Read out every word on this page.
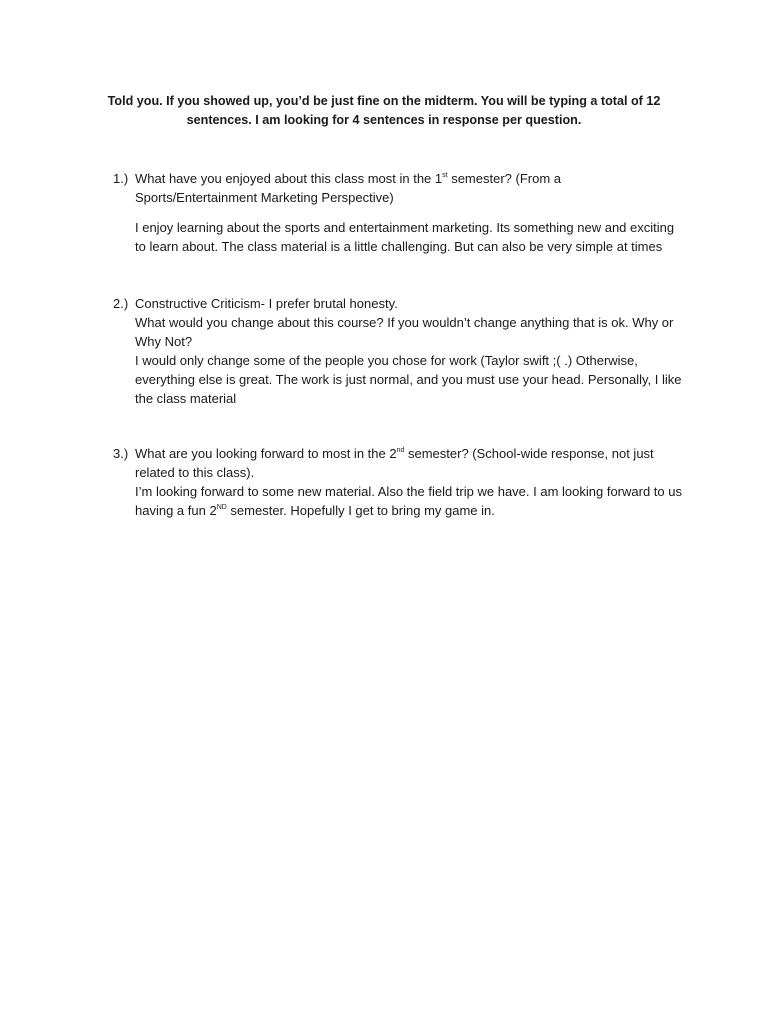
Told you. If you showed up, you’d be just fine on the midterm. You will be typing a total of 12
sentences. I am looking for 4 sentences in response per question.
1.) What have you enjoyed about this class most in the 1st semester? (From a Sports/Entertainment Marketing Perspective)

I enjoy learning about the sports and entertainment marketing. Its something new and exciting to learn about. The class material is a little challenging. But can also be very simple at times

2.) Constructive Criticism- I prefer brutal honesty.

What would you change about this course? If you wouldn’t change anything that is ok. Why or Why Not?

I would only change some of the people you chose for work (Taylor swift ;( .) Otherwise, everything else is great. The work is just normal, and you must use your head. Personally, I like the class material

3.) What are you looking forward to most in the 2nd semester? (School-wide response, not just related to this class).

I’m looking forward to some new material. Also the field trip we have. I am looking forward to us having a fun 2ND semester. Hopefully I get to bring my game in.
